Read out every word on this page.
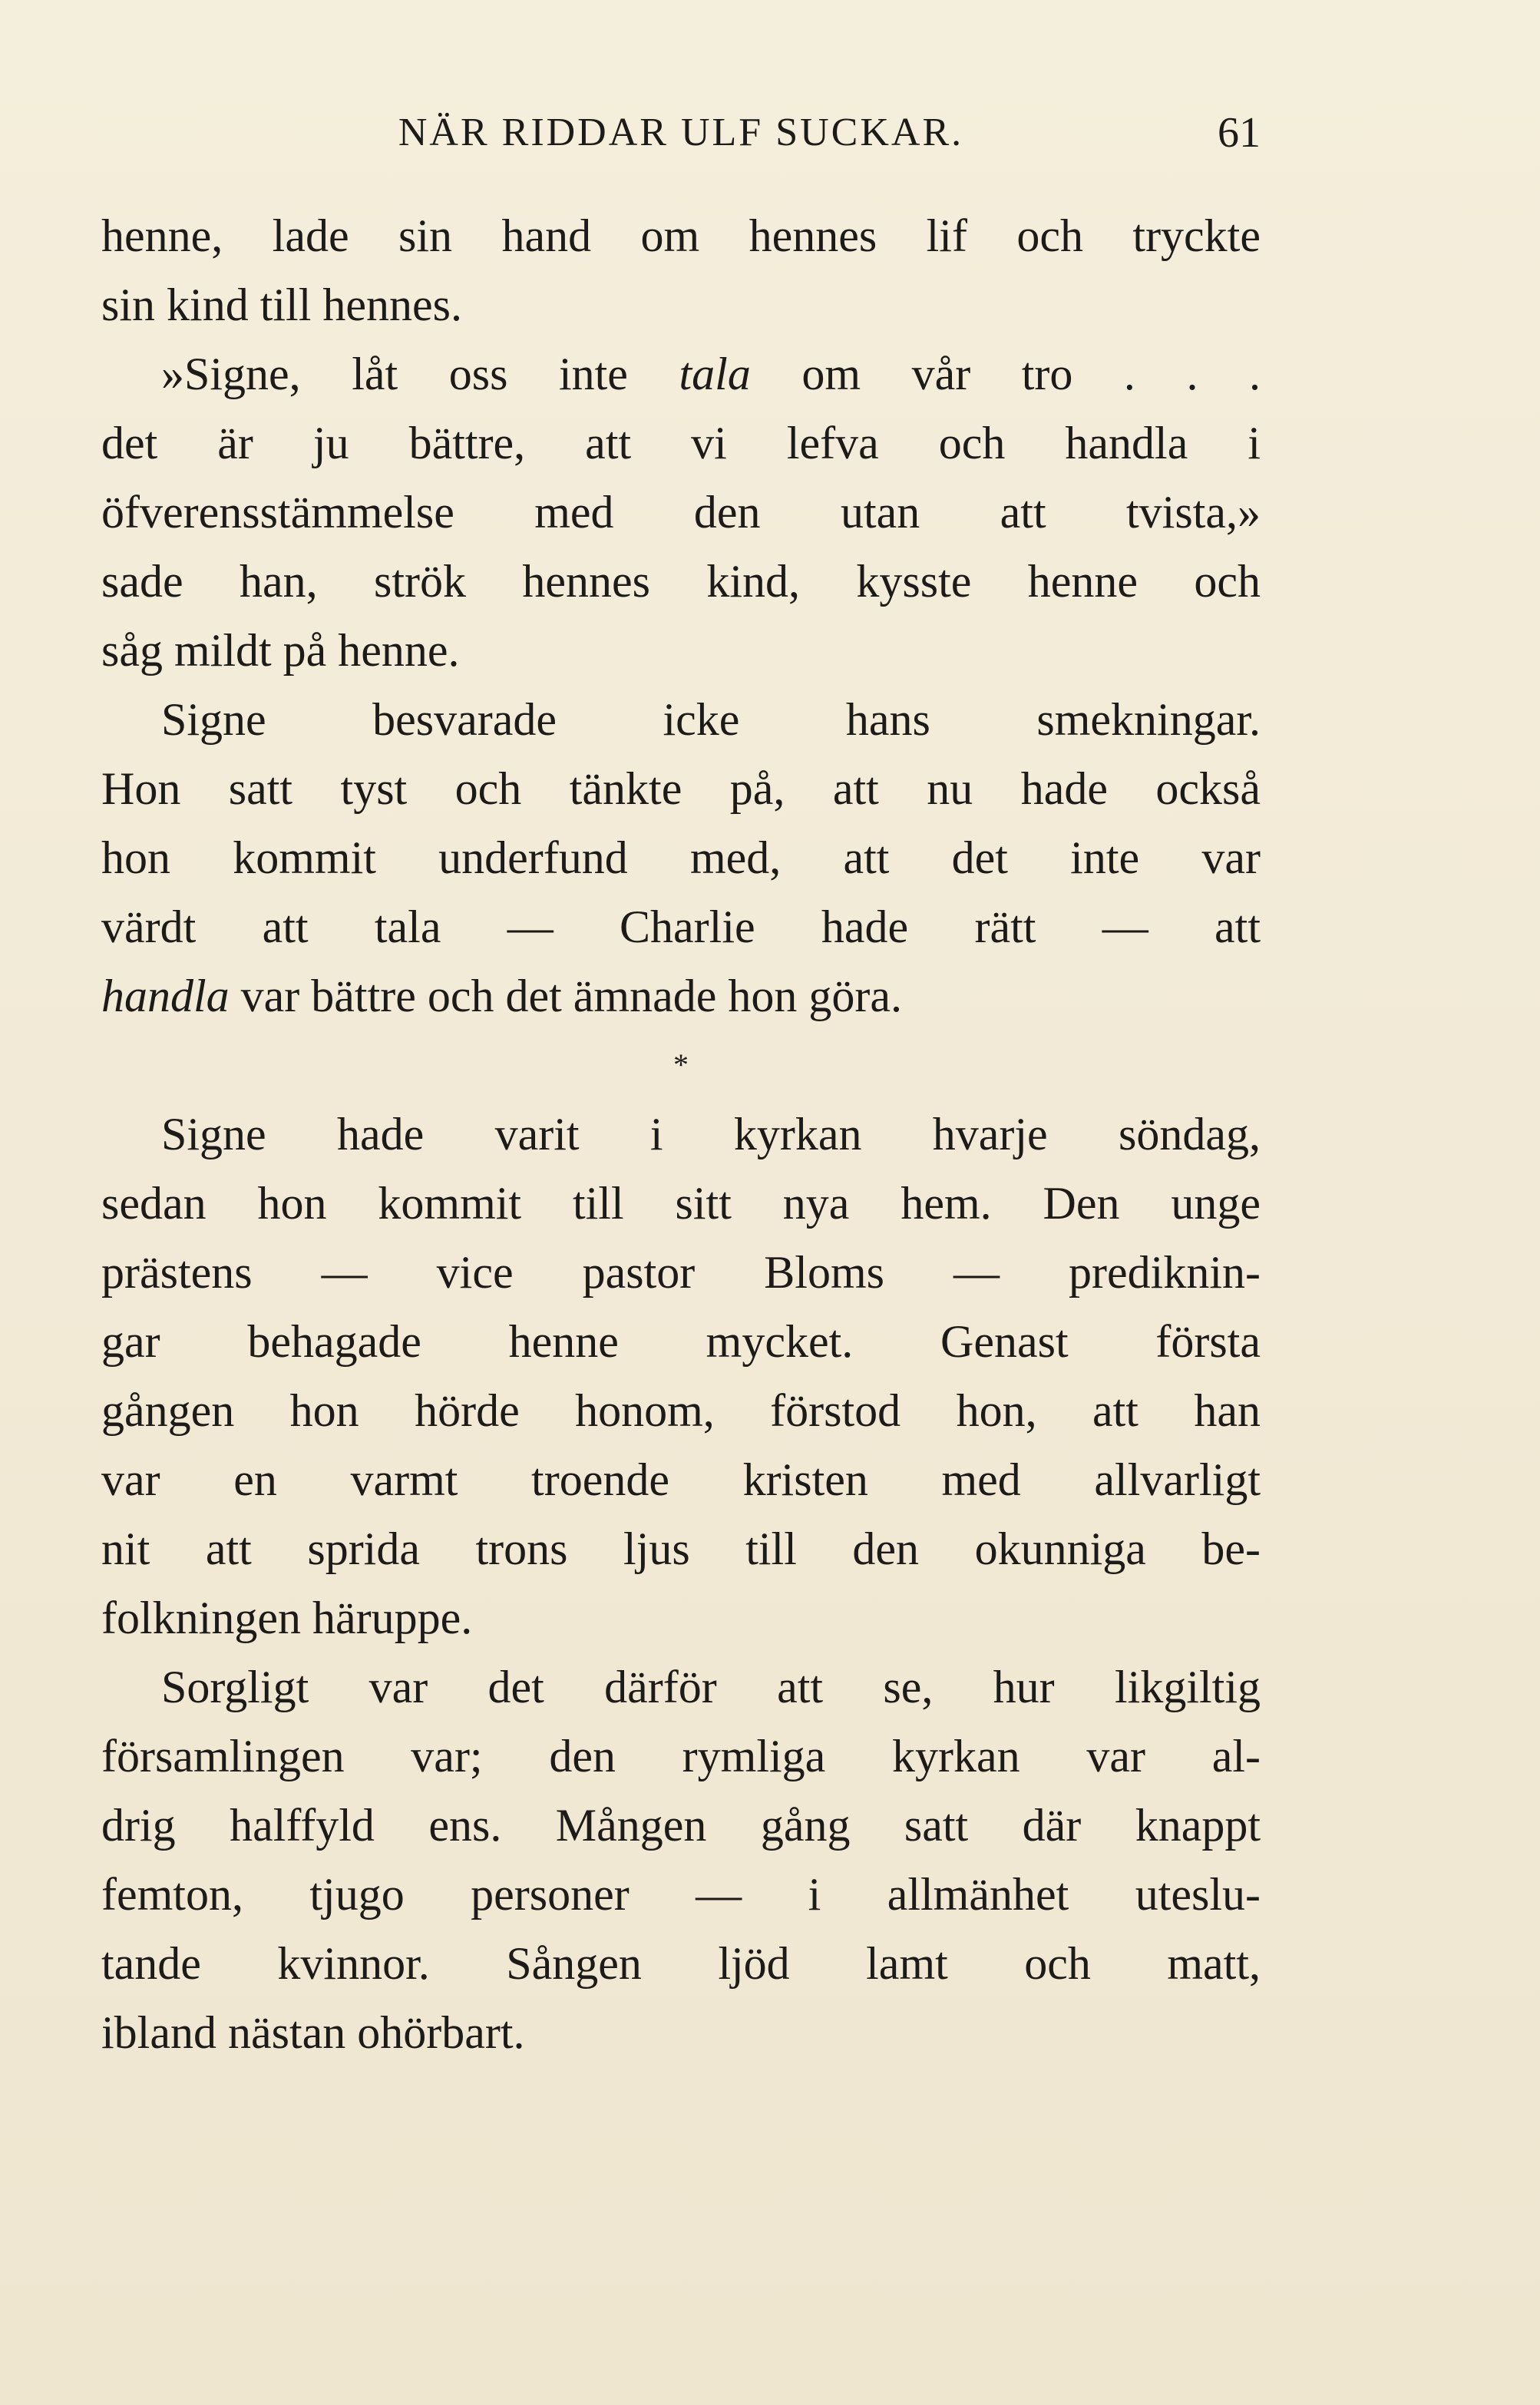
NÄR RIDDAR ULF SUCKAR.	61
henne, lade sin hand om hennes lif och tryckte
sin kind till hennes.
»Signe, låt oss inte tala om vår tro . . .
det är ju bättre, att vi lefva och handla i
öfverensstämmelse med den utan att tvista,»
sade han, strök hennes kind, kysste henne och
såg mildt på henne.
Signe besvarade icke hans smekningar.
Hon satt tyst och tänkte på, att nu hade också
hon kommit underfund med, att det inte var
värdt att tala — Charlie hade rätt — att
handla var bättre och det ämnade hon göra.
*
Signe hade varit i kyrkan hvarje söndag,
sedan hon kommit till sitt nya hem. Den unge
prästens — vice pastor Bloms — prediknin-
gar behagade henne mycket. Genast första
gången hon hörde honom, förstod hon, att han
var en varmt troende kristen med allvarligt
nit att sprida trons ljus till den okunniga be-
folkningen häruppe.
Sorgligt var det därför att se, hur likgiltig
församlingen var; den rymliga kyrkan var al-
drig halffyld ens. Mången gång satt där knappt
femton, tjugo personer — i allmänhet uteslu-
tande kvinnor. Sången ljöd lamt och matt,
ibland nästan ohörbart.
